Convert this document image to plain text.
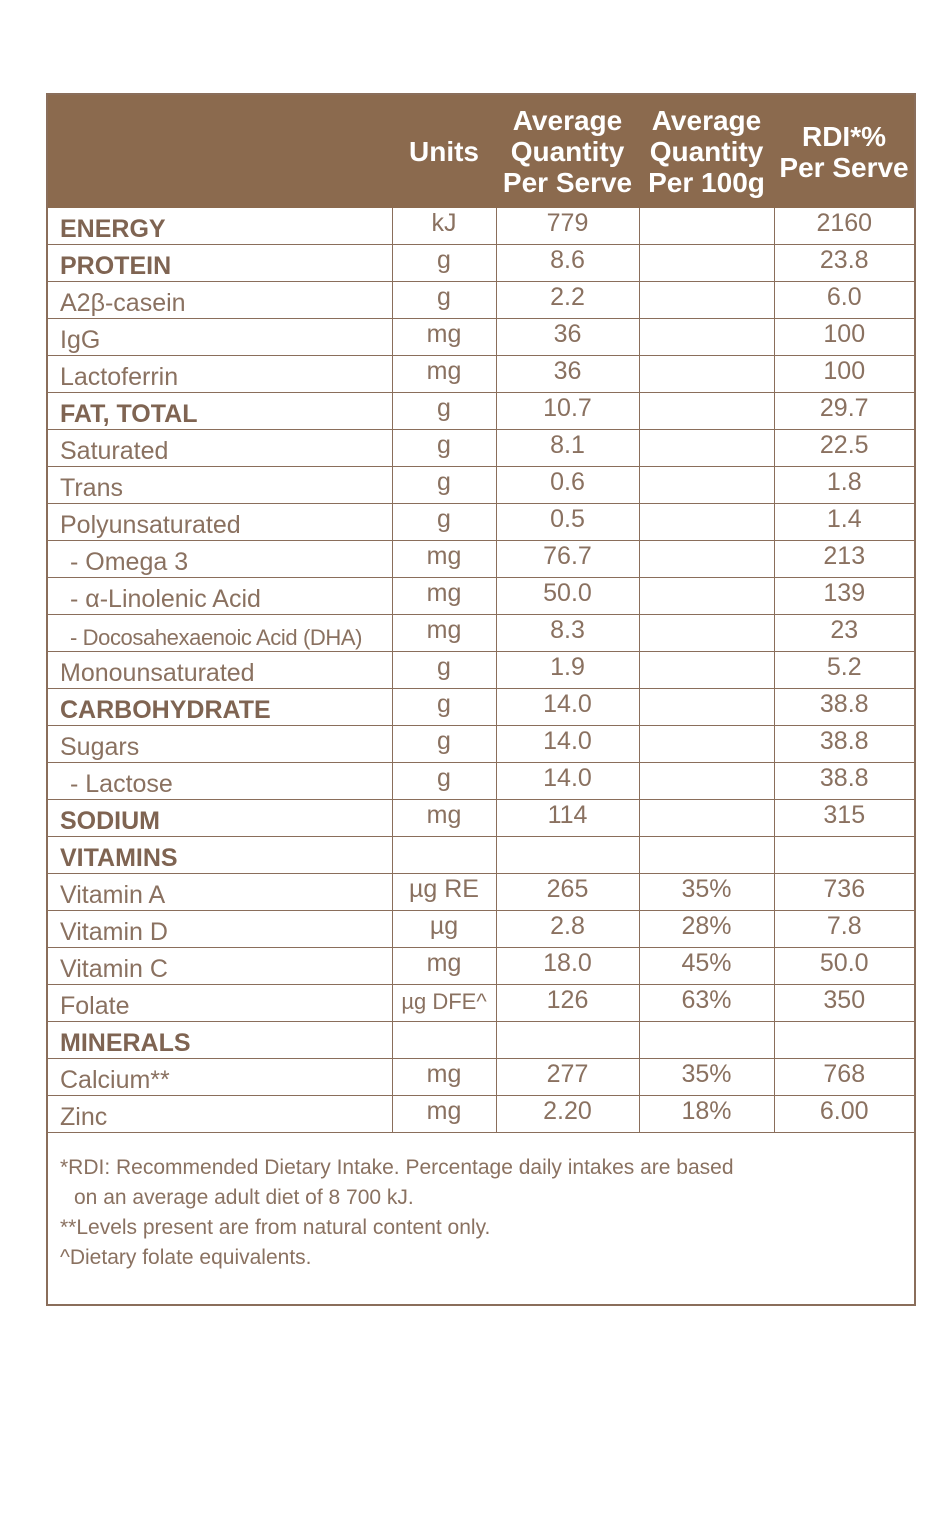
	Units	Average
Quantity
Per Serve	Average
Quantity
Per 100g	RDI*%
Per Serve

ENERGY	kJ	779		2160
PROTEIN	g	8.6		23.8
A2β-casein	g	2.2		6.0
IgG	mg	36		100
Lactoferrin	mg	36		100
FAT, TOTAL	g	10.7		29.7
Saturated	g	8.1		22.5
Trans	g	0.6		1.8
Polyunsaturated	g	0.5		1.4
- Omega 3	mg	76.7		213
- α-Linolenic Acid	mg	50.0		139
- Docosahexaenoic Acid (DHA)	mg	8.3		23
Monounsaturated	g	1.9		5.2
CARBOHYDRATE	g	14.0		38.8
Sugars	g	14.0		38.8
- Lactose	g	14.0		38.8
SODIUM	mg	114		315
VITAMINS				
Vitamin A	µg RE	265	35%	736
Vitamin D	µg	2.8	28%	7.8
Vitamin C	mg	18.0	45%	50.0
Folate	µg DFE^	126	63%	350
MINERALS				
Calcium**	mg	277	35%	768
Zinc	mg	2.20	18%	6.00

*RDI: Recommended Dietary Intake. Percentage daily intakes are based

on an average adult diet of 8 700 kJ.

**Levels present are from natural content only.

^Dietary folate equivalents.
